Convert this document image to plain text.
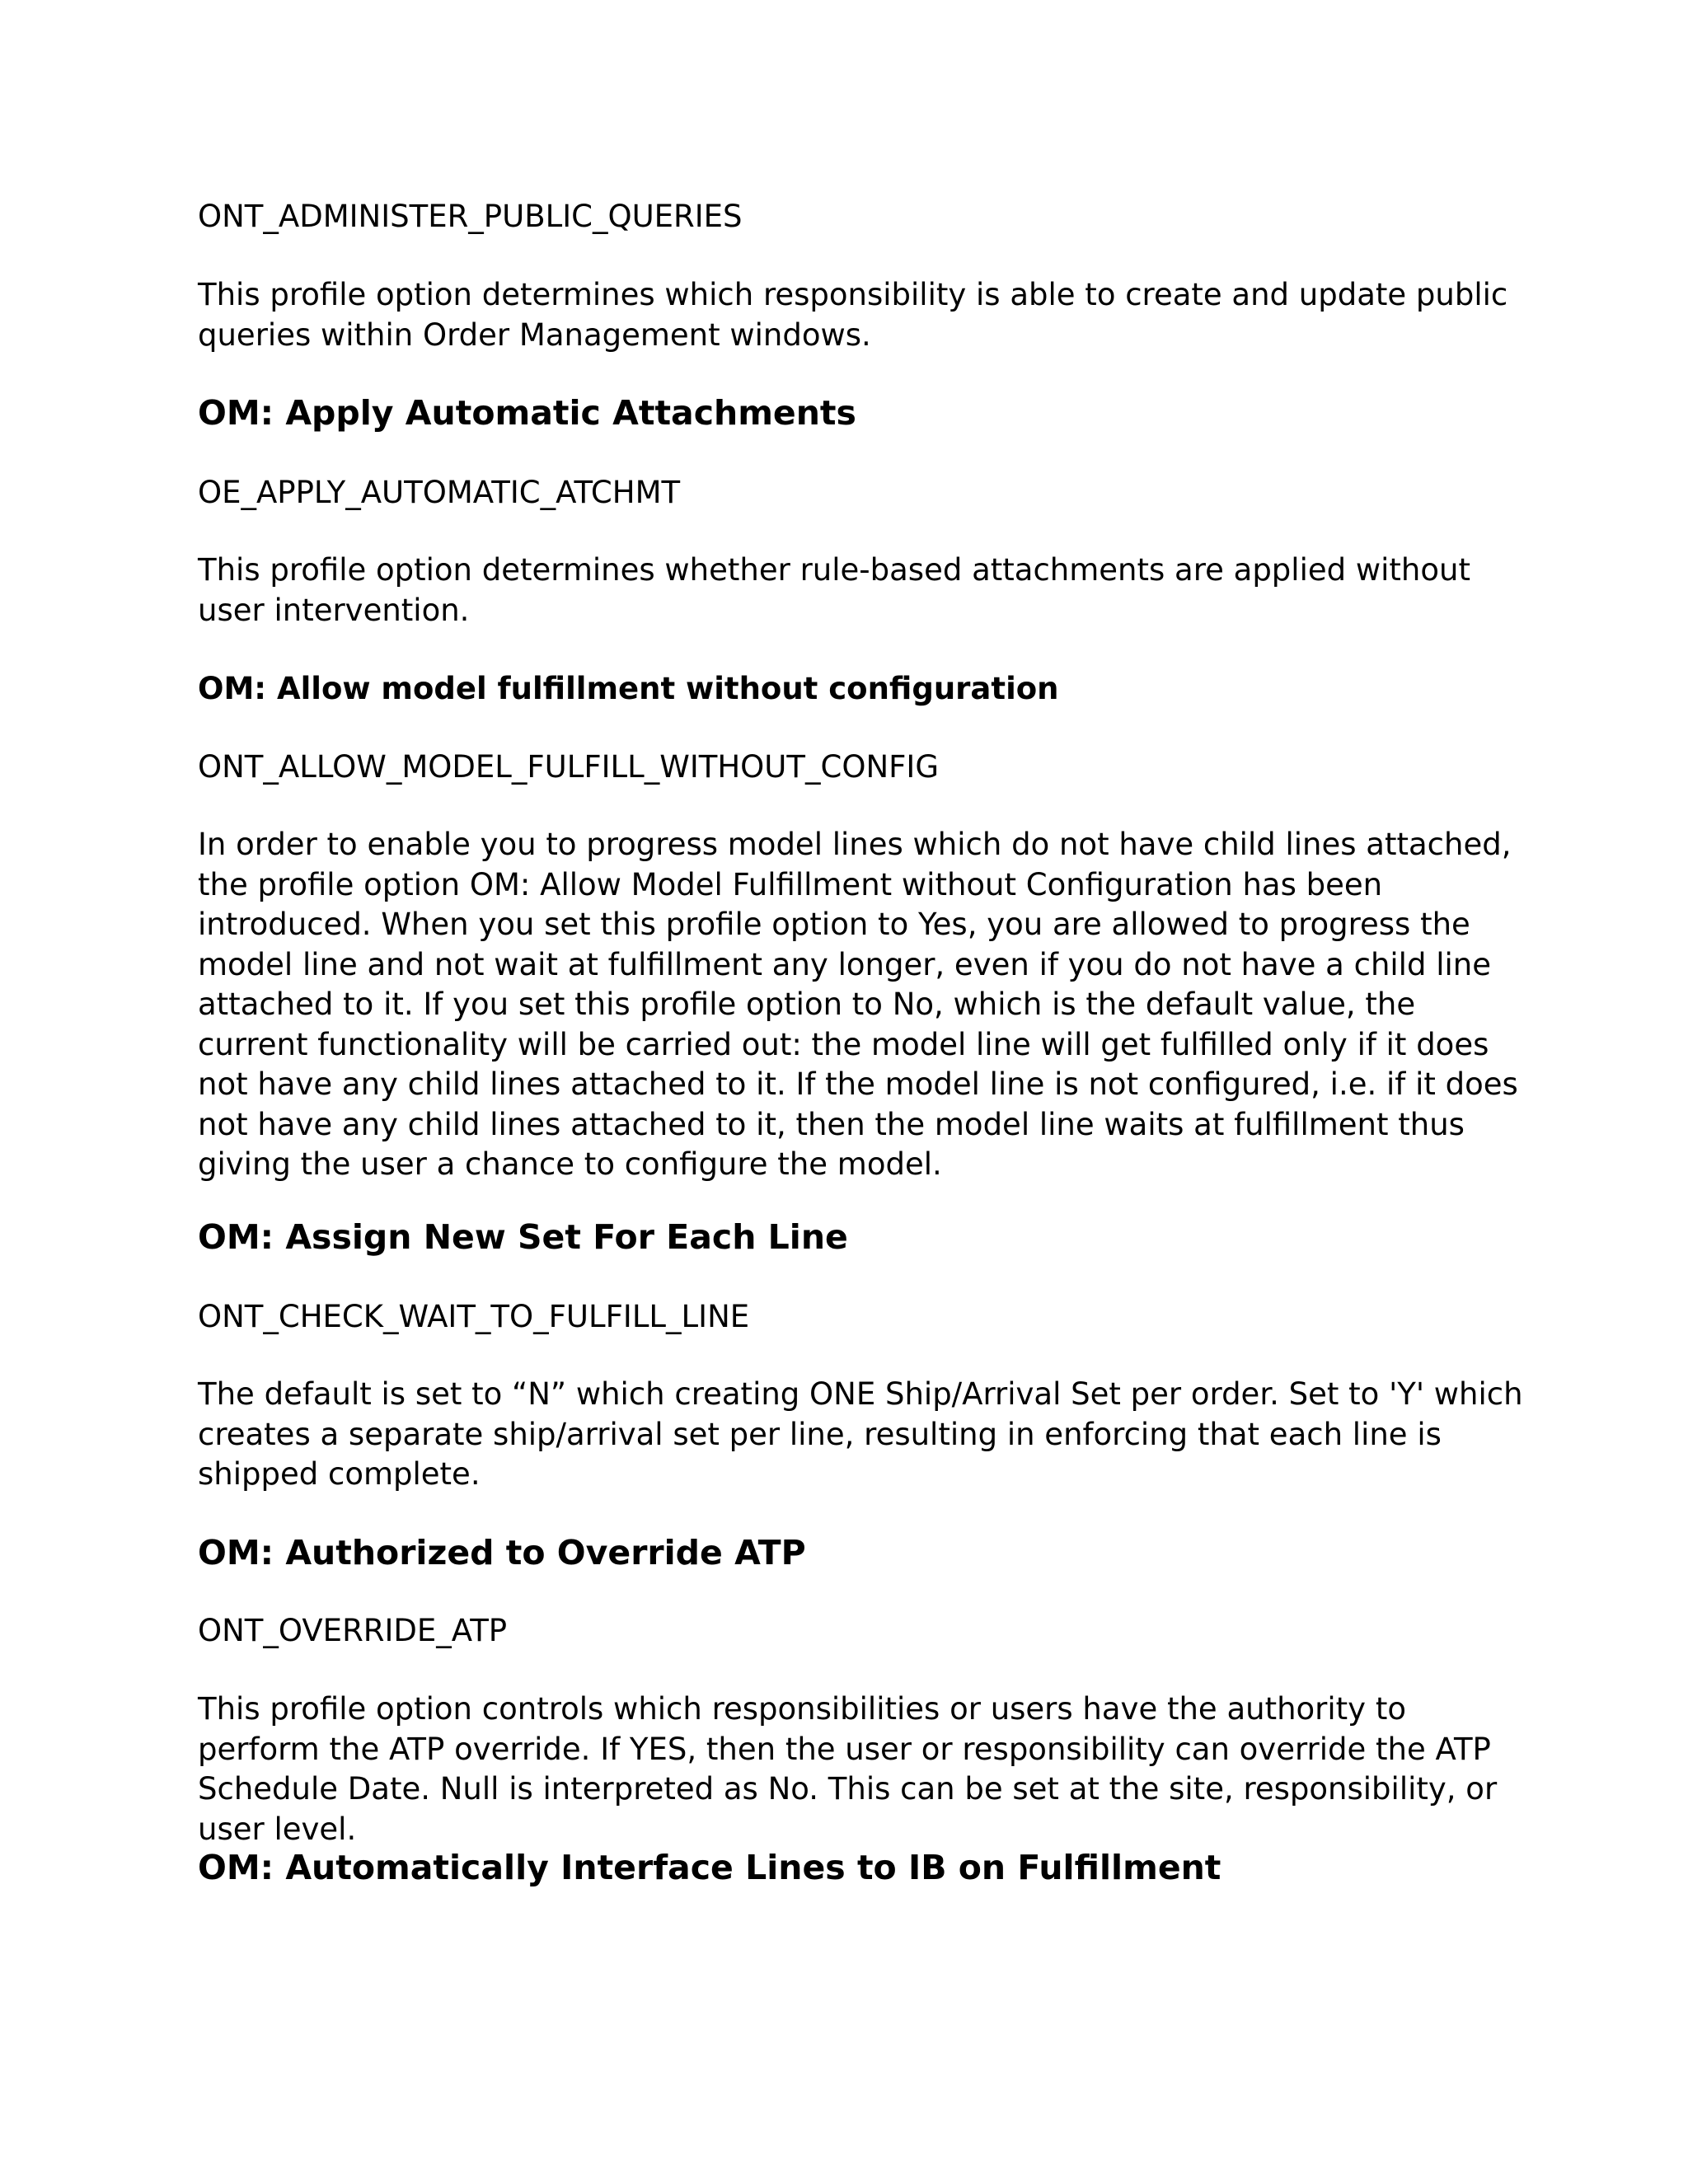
ONT_ADMINISTER_PUBLIC_QUERIES

This profile option determines which responsibility is able to create and update public queries within Order Management windows.

OM: Apply Automatic Attachments

OE_APPLY_AUTOMATIC_ATCHMT

This profile option determines whether rule-based attachments are applied without user intervention.

OM: Allow model fulfillment without configuration

ONT_ALLOW_MODEL_FULFILL_WITHOUT_CONFIG

In order to enable you to progress model lines which do not have child lines attached, the profile option OM: Allow Model Fulfillment without Configuration has been introduced. When you set this profile option to Yes, you are allowed to progress the model line and not wait at fulfillment any longer, even if you do not have a child line attached to it. If you set this profile option to No, which is the default value, the current functionality will be carried out: the model line will get fulfilled only if it does not have any child lines attached to it. If the model line is not configured, i.e. if it does not have any child lines attached to it, then the model line waits at fulfillment thus giving the user a chance to configure the model.

OM: Assign New Set For Each Line

ONT_CHECK_WAIT_TO_FULFILL_LINE

The default is set to “N” which creating ONE Ship/Arrival Set per order. Set to 'Y' which creates a separate ship/arrival set per line, resulting in enforcing that each line is shipped complete.

OM: Authorized to Override ATP

ONT_OVERRIDE_ATP

This profile option controls which responsibilities or users have the authority to perform the ATP override. If YES, then the user or responsibility can override the ATP Schedule Date. Null is interpreted as No. This can be set at the site, responsibility, or user level.

OM: Automatically Interface Lines to IB on Fulfillment
